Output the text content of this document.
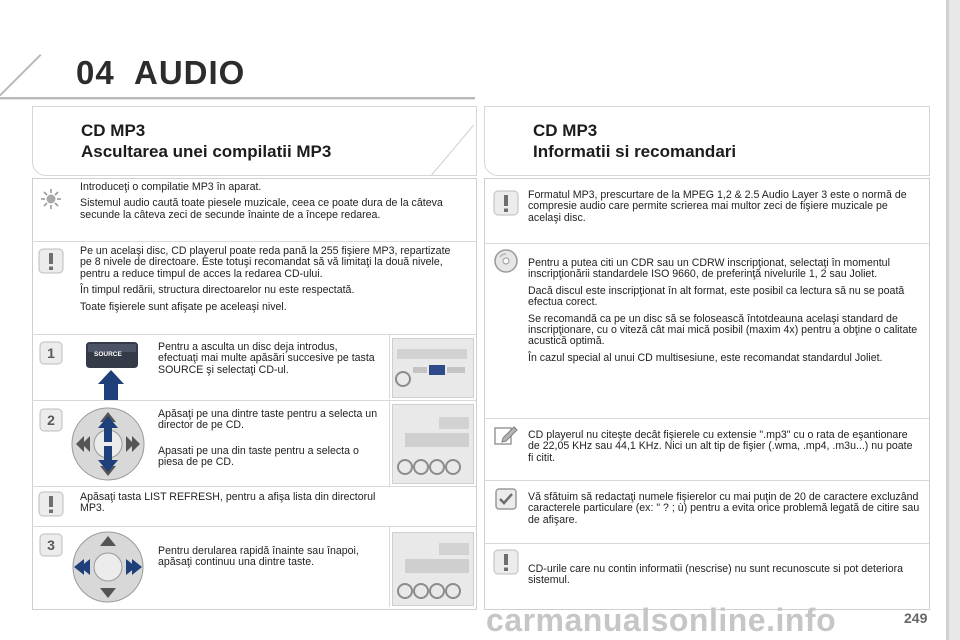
04 AUDIO
CD MP3
Ascultarea unei compilatii MP3

Introduceţi o compilatie MP3 în aparat.

Sistemul audio caută toate piesele muzicale, ceea ce poate dura de la câteva secunde la câteva zeci de secunde înainte de a începe redarea.

Pe un acelaşi disc, CD playerul poate reda pană la 255 fişiere MP3, repartizate pe 8 nivele de directoare. Este totuşi recomandat să vă limitaţi la două nivele, pentru a reduce timpul de acces la redarea CD-ului.

În timpul redării, structura directoarelor nu este respectată.

Toate fişierele sunt afişate pe aceleaşi nivel.

1	SOURCE

Pentru a asculta un disc deja introdus, efectuaţi mai multe apăsări succesive pe tasta SOURCE şi selectaţi CD-ul.

2	Apăsaţi pe una dintre taste pentru a selecta un director de pe CD.

Apasati pe una din taste pentru a selecta o piesa de pe CD.

Apăsaţi tasta LIST REFRESH, pentru a afişa lista din directorul MP3.

3	Pentru derularea rapidă înainte sau înapoi, apăsaţi continuu una dintre taste.

CD MP3
Informatii si recomandari

Formatul MP3, prescurtare de la MPEG 1,2 & 2.5 Audio Layer 3 este o normă de compresie audio care permite scrierea mai multor zeci de fişiere muzicale pe acelaşi disc.

Pentru a putea citi un CDR sau un CDRW inscripţionat, selectaţi în momentul inscripţionării standardele ISO 9660, de preferinţă nivelurile 1, 2 sau Joliet.

Dacă discul este inscripţionat în alt format, este posibil ca lectura să nu se poată efectua corect.

Se recomandă ca pe un disc să se folosească întotdeauna acelaşi standard de inscripţionare, cu o viteză cât mai mică posibil (maxim 4x) pentru a obţine o calitate acustică optimă.

În cazul special al unui CD multisesiune, este recomandat standardul Joliet.

CD playerul nu citeşte decât fişierele cu extensie ".mp3" cu o rata de eşantionare de 22,05 KHz sau 44,1 KHz. Nici un alt tip de fişier (.wma, .mp4, .m3u...) nu poate fi citit.

Vă sfătuim să redactaţi numele fişierelor cu mai puţin de 20 de caractere excluzând caracterele particulare (ex: " ? ; ù) pentru a evita orice problemă legată de citire sau de afişare.

CD-urile care nu contin informatii (nescrise) nu sunt recunoscute si pot deteriora sistemul.

carmanualsonline.info	249
